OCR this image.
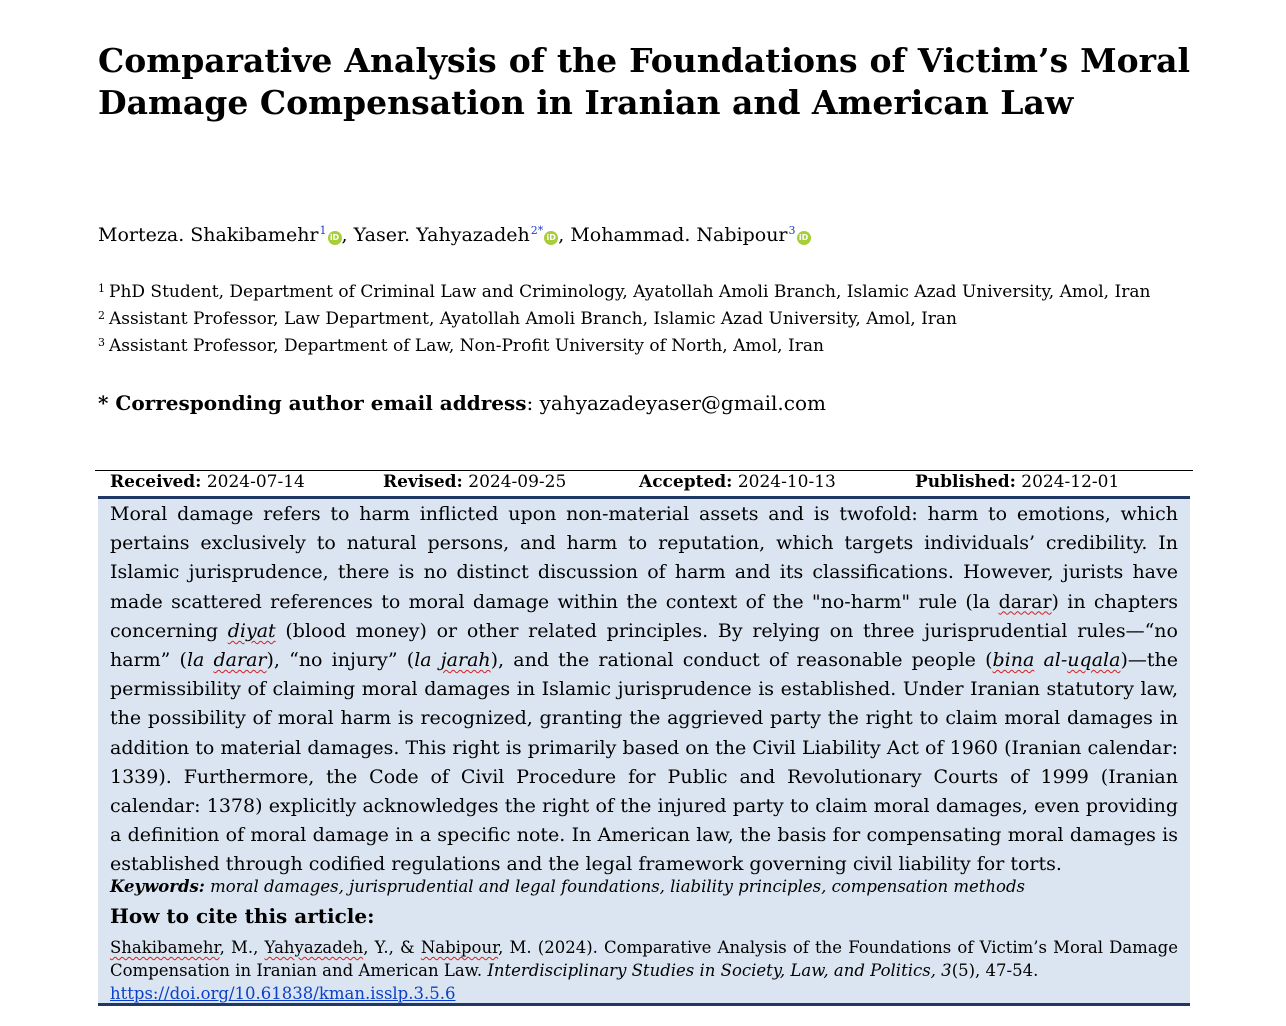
Comparative Analysis of the Foundations of Victim’s Moral Damage Compensation in Iranian and American Law
Morteza. Shakibamehr$^1$iD , Yaser. Yahyazadeh$^{2*}$iD , Mohammad. Nabipour$^3$iD
$^1$ PhD Student, Department of Criminal Law and Criminology, Ayatollah Amoli Branch, Islamic Azad University, Amol, Iran
$^2$ Assistant Professor, Law Department, Ayatollah Amoli Branch, Islamic Azad University, Amol, Iran
$^3$ Assistant Professor, Department of Law, Non-Profit University of North, Amol, Iran
* Corresponding author email address: yahyazadeyaser@gmail.com
Received: 2024-07-14	Revised: 2024-09-25	Accepted: 2024-10-13	Published: 2024-12-01
Moral damage refers to harm inflicted upon non-material assets and is twofold: harm to emotions, which pertains exclusively to natural persons, and harm to reputation, which targets individuals’ credibility. In Islamic jurisprudence, there is no distinct discussion of harm and its classifications. However, jurists have made scattered references to moral damage within the context of the "no-harm" rule (la darar) in chapters concerning diyat (blood money) or other related principles. By relying on three jurisprudential rules—“no harm” (la darar), “no injury” (la jarah), and the rational conduct of reasonable people (bina al-uqala)—the permissibility of claiming moral damages in Islamic jurisprudence is established. Under Iranian statutory law, the possibility of moral harm is recognized, granting the aggrieved party the right to claim moral damages in addition to material damages. This right is primarily based on the Civil Liability Act of 1960 (Iranian calendar: 1339). Furthermore, the Code of Civil Procedure for Public and Revolutionary Courts of 1999 (Iranian calendar: 1378) explicitly acknowledges the right of the injured party to claim moral damages, even providing a definition of moral damage in a specific note. In American law, the basis for compensating moral damages is established through codified regulations and the legal framework governing civil liability for torts.
Keywords: moral damages, jurisprudential and legal foundations, liability principles, compensation methods
How to cite this article:
Shakibamehr, M., Yahyazadeh, Y., & Nabipour, M. (2024). Comparative Analysis of the Foundations of Victim’s Moral Damage Compensation in Iranian and American Law. Interdisciplinary Studies in Society, Law, and Politics, 3(5), 47-54.
https://doi.org/10.61838/kman.isslp.3.5.6
